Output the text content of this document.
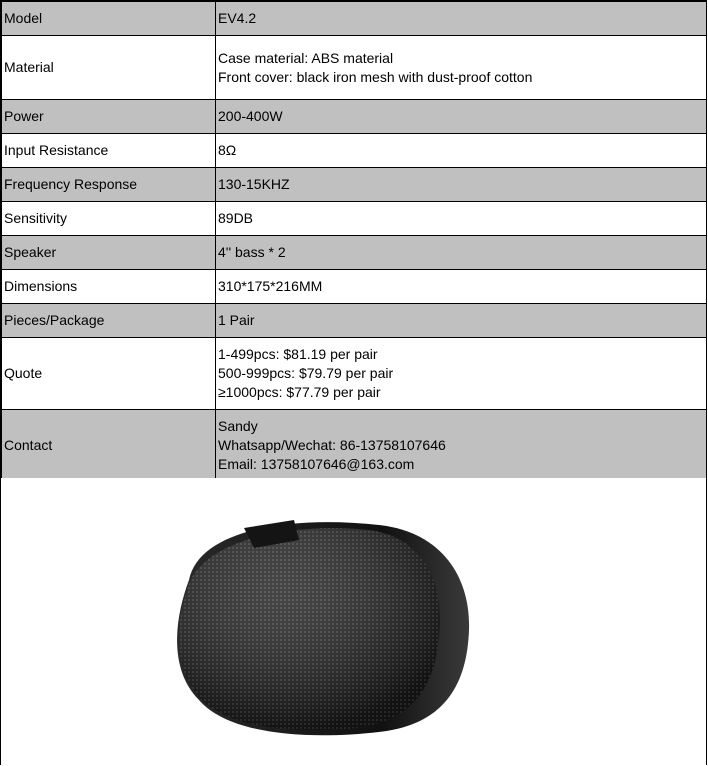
Model	EV4.2

Material	Case material: ABS material
Front cover: black iron mesh with dust-proof cotton

Power	200-400W

Input Resistance	8Ω

Frequency Response	130-15KHZ

Sensitivity	89DB

Speaker	4'' bass * 2

Dimensions	310*175*216MM

Pieces/Package	1 Pair

Quote	1-499pcs: $81.19 per pair
500-999pcs: $79.79 per pair
≥1000pcs: $77.79 per pair

Contact	Sandy
Whatsapp/Wechat: 86-13758107646
Email: 13758107646@163.com
